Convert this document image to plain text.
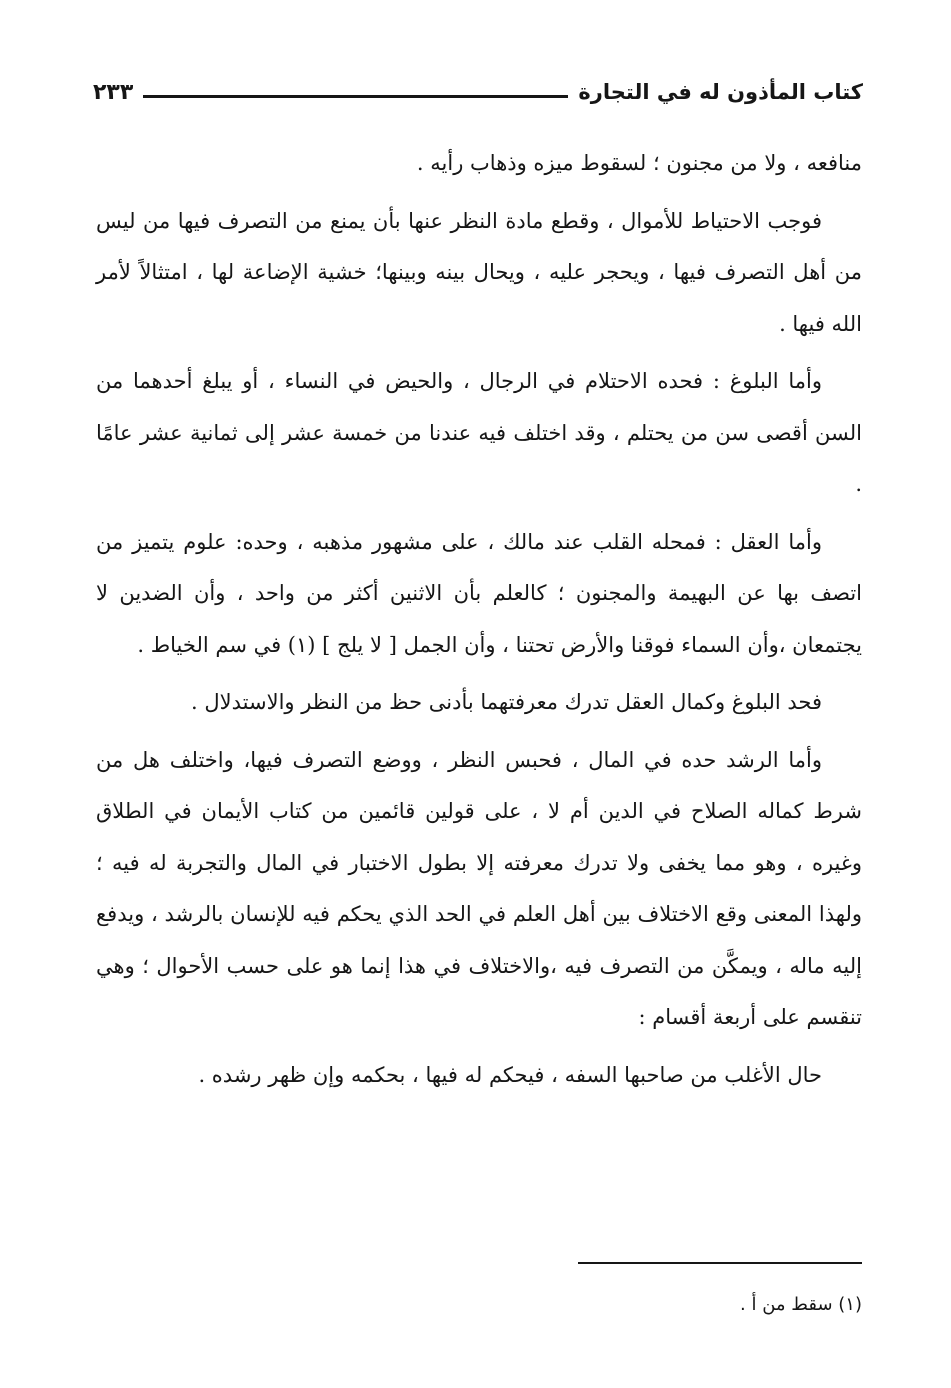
كتاب المأذون له في التجارة
٢٣٣

منافعه ، ولا من مجنون ؛ لسقوط ميزه وذهاب رأيه .

فوجب الاحتياط للأموال ، وقطع مادة النظر عنها بأن يمنع من التصرف فيها من ليس من أهل التصرف فيها ، ويحجر عليه ، ويحال بينه وبينها؛ خشية الإضاعة لها ، امتثالاً لأمر الله فيها .

وأما البلوغ : فحده الاحتلام في الرجال ، والحيض في النساء ، أو يبلغ أحدهما من السن أقصى سن من يحتلم ، وقد اختلف فيه عندنا من خمسة عشر إلى ثمانية عشر عامًا .

وأما العقل : فمحله القلب عند مالك ، على مشهور مذهبه ، وحده: علوم يتميز من اتصف بها عن البهيمة والمجنون ؛ كالعلم بأن الاثنين أكثر من واحد ، وأن الضدين لا يجتمعان ،وأن السماء فوقنا والأرض تحتنا ، وأن الجمل [ لا يلج ] (١) في سم الخياط .

فحد البلوغ وكمال العقل تدرك معرفتهما بأدنى حظ من النظر والاستدلال .

وأما الرشد حده في المال ، فحبس النظر ، ووضع التصرف فيها، واختلف هل من شرط كماله الصلاح في الدين أم لا ، على قولين قائمين من كتاب الأيمان في الطلاق وغيره ، وهو مما يخفى ولا تدرك معرفته إلا بطول الاختبار في المال والتجربة له فيه ؛ ولهذا المعنى وقع الاختلاف بين أهل العلم في الحد الذي يحكم فيه للإنسان بالرشد ، ويدفع إليه ماله ، ويمكَّن من التصرف فيه ،والاختلاف في هذا إنما هو على حسب الأحوال ؛ وهي تنقسم على أربعة أقسام :

حال الأغلب من صاحبها السفه ، فيحكم له فيها ، بحكمه وإن ظهر رشده .

(١) سقط من أ .
